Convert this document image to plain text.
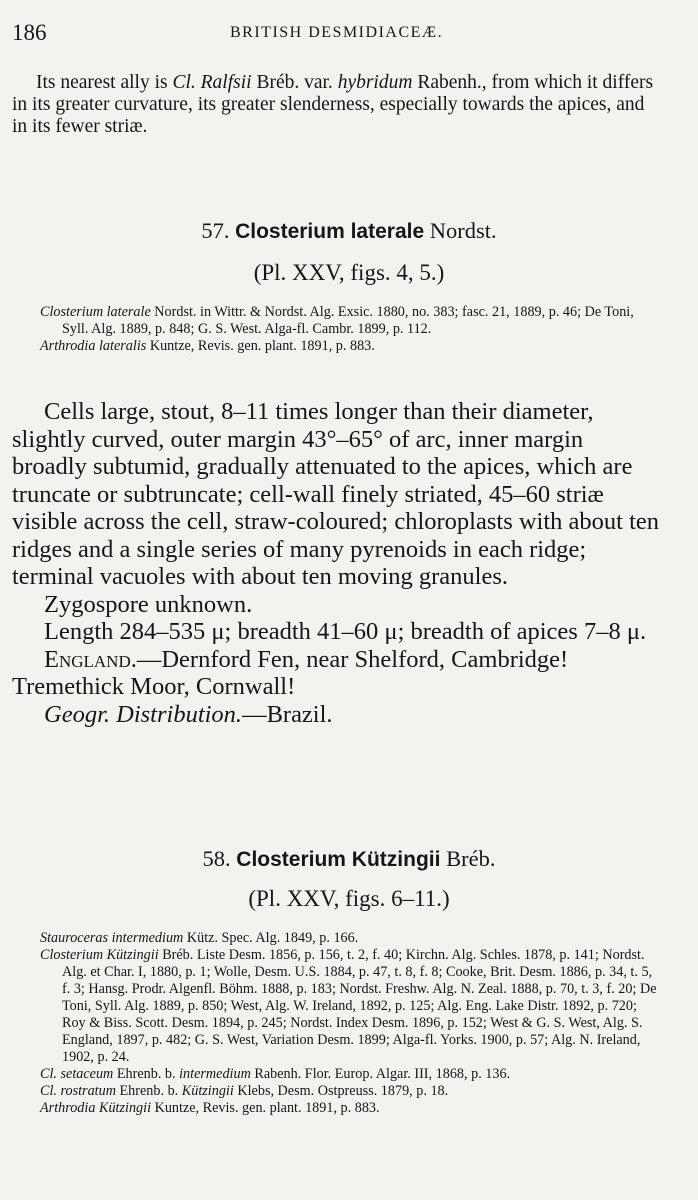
186	BRITISH DESMIDIACEÆ.

Its nearest ally is Cl. Ralfsii Bréb. var. hybridum Rabenh., from which it differs in its greater curvature, its greater slenderness, especially towards the apices, and in its fewer striæ.

57. Closterium laterale Nordst.
(Pl. XXV, figs. 4, 5.)

Closterium laterale Nordst. in Wittr. & Nordst. Alg. Exsic. 1880, no. 383; fasc. 21, 1889, p. 46; De Toni, Syll. Alg. 1889, p. 848; G. S. West. Alga-fl. Cambr. 1899, p. 112.

Arthrodia lateralis Kuntze, Revis. gen. plant. 1891, p. 883.

Cells large, stout, 8–11 times longer than their diameter, slightly curved, outer margin 43°–65° of arc, inner margin broadly subtumid, gradually attenuated to the apices, which are truncate or subtruncate; cell-wall finely striated, 45–60 striæ visible across the cell, straw-coloured; chloroplasts with about ten ridges and a single series of many pyrenoids in each ridge; terminal vacuoles with about ten moving granules.

Zygospore unknown.

Length 284–535 μ; breadth 41–60 μ; breadth of apices 7–8 μ.

England.—Dernford Fen, near Shelford, Cambridge! Tremethick Moor, Cornwall!

Geogr. Distribution.—Brazil.

58. Closterium Kützingii Bréb.
(Pl. XXV, figs. 6–11.)

Stauroceras intermedium Kütz. Spec. Alg. 1849, p. 166.

Closterium Kützingii Bréb. Liste Desm. 1856, p. 156, t. 2, f. 40; Kirchn. Alg. Schles. 1878, p. 141; Nordst. Alg. et Char. I, 1880, p. 1; Wolle, Desm. U.S. 1884, p. 47, t. 8, f. 8; Cooke, Brit. Desm. 1886, p. 34, t. 5, f. 3; Hansg. Prodr. Algenfl. Böhm. 1888, p. 183; Nordst. Freshw. Alg. N. Zeal. 1888, p. 70, t. 3, f. 20; De Toni, Syll. Alg. 1889, p. 850; West, Alg. W. Ireland, 1892, p. 125; Alg. Eng. Lake Distr. 1892, p. 720; Roy & Biss. Scott. Desm. 1894, p. 245; Nordst. Index Desm. 1896, p. 152; West & G. S. West, Alg. S. England, 1897, p. 482; G. S. West, Variation Desm. 1899; Alga-fl. Yorks. 1900, p. 57; Alg. N. Ireland, 1902, p. 24.

Cl. setaceum Ehrenb. b. intermedium Rabenh. Flor. Europ. Algar. III, 1868, p. 136.

Cl. rostratum Ehrenb. b. Kützingii Klebs, Desm. Ostpreuss. 1879, p. 18.

Arthrodia Kützingii Kuntze, Revis. gen. plant. 1891, p. 883.
